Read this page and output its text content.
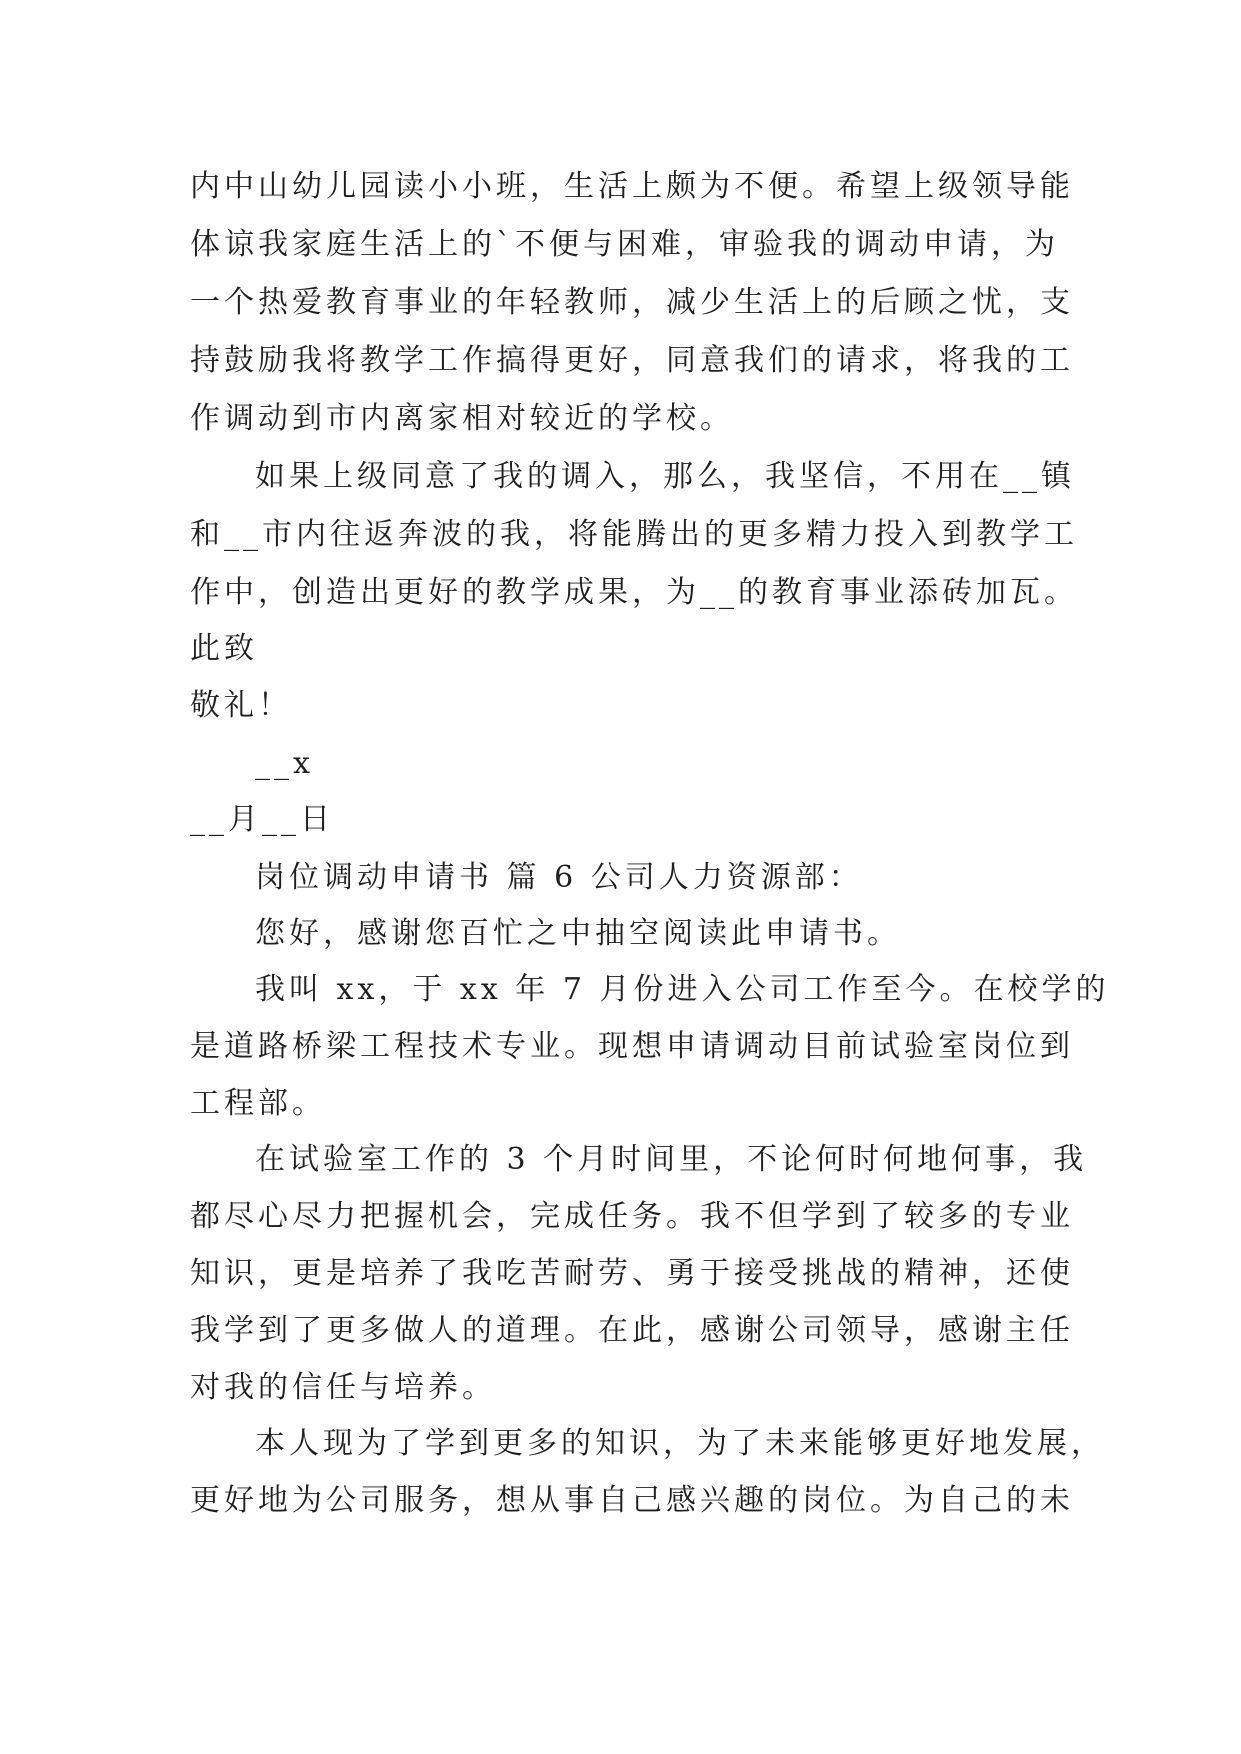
内中山幼儿园读小小班，生活上颇为不便。希望上级领导能
体谅我家庭生活上的`不便与困难，审验我的调动申请，为
一个热爱教育事业的年轻教师，减少生活上的后顾之忧，支
持鼓励我将教学工作搞得更好，同意我们的请求，将我的工
作调动到市内离家相对较近的学校。
如果上级同意了我的调入，那么，我坚信，不用在__镇
和__市内往返奔波的我，将能腾出的更多精力投入到教学工
作中，创造出更好的教学成果，为__的教育事业添砖加瓦。
此致
敬礼！
__x
__月__日
岗位调动申请书 篇 6 公司人力资源部：
您好，感谢您百忙之中抽空阅读此申请书。
我叫 xx，于 xx 年 7 月份进入公司工作至今。在校学的
是道路桥梁工程技术专业。现想申请调动目前试验室岗位到
工程部。
在试验室工作的 3 个月时间里，不论何时何地何事，我
都尽心尽力把握机会，完成任务。我不但学到了较多的专业
知识，更是培养了我吃苦耐劳、勇于接受挑战的精神，还使
我学到了更多做人的道理。在此，感谢公司领导，感谢主任
对我的信任与培养。
本人现为了学到更多的知识，为了未来能够更好地发展，
更好地为公司服务，想从事自己感兴趣的岗位。为自己的未
